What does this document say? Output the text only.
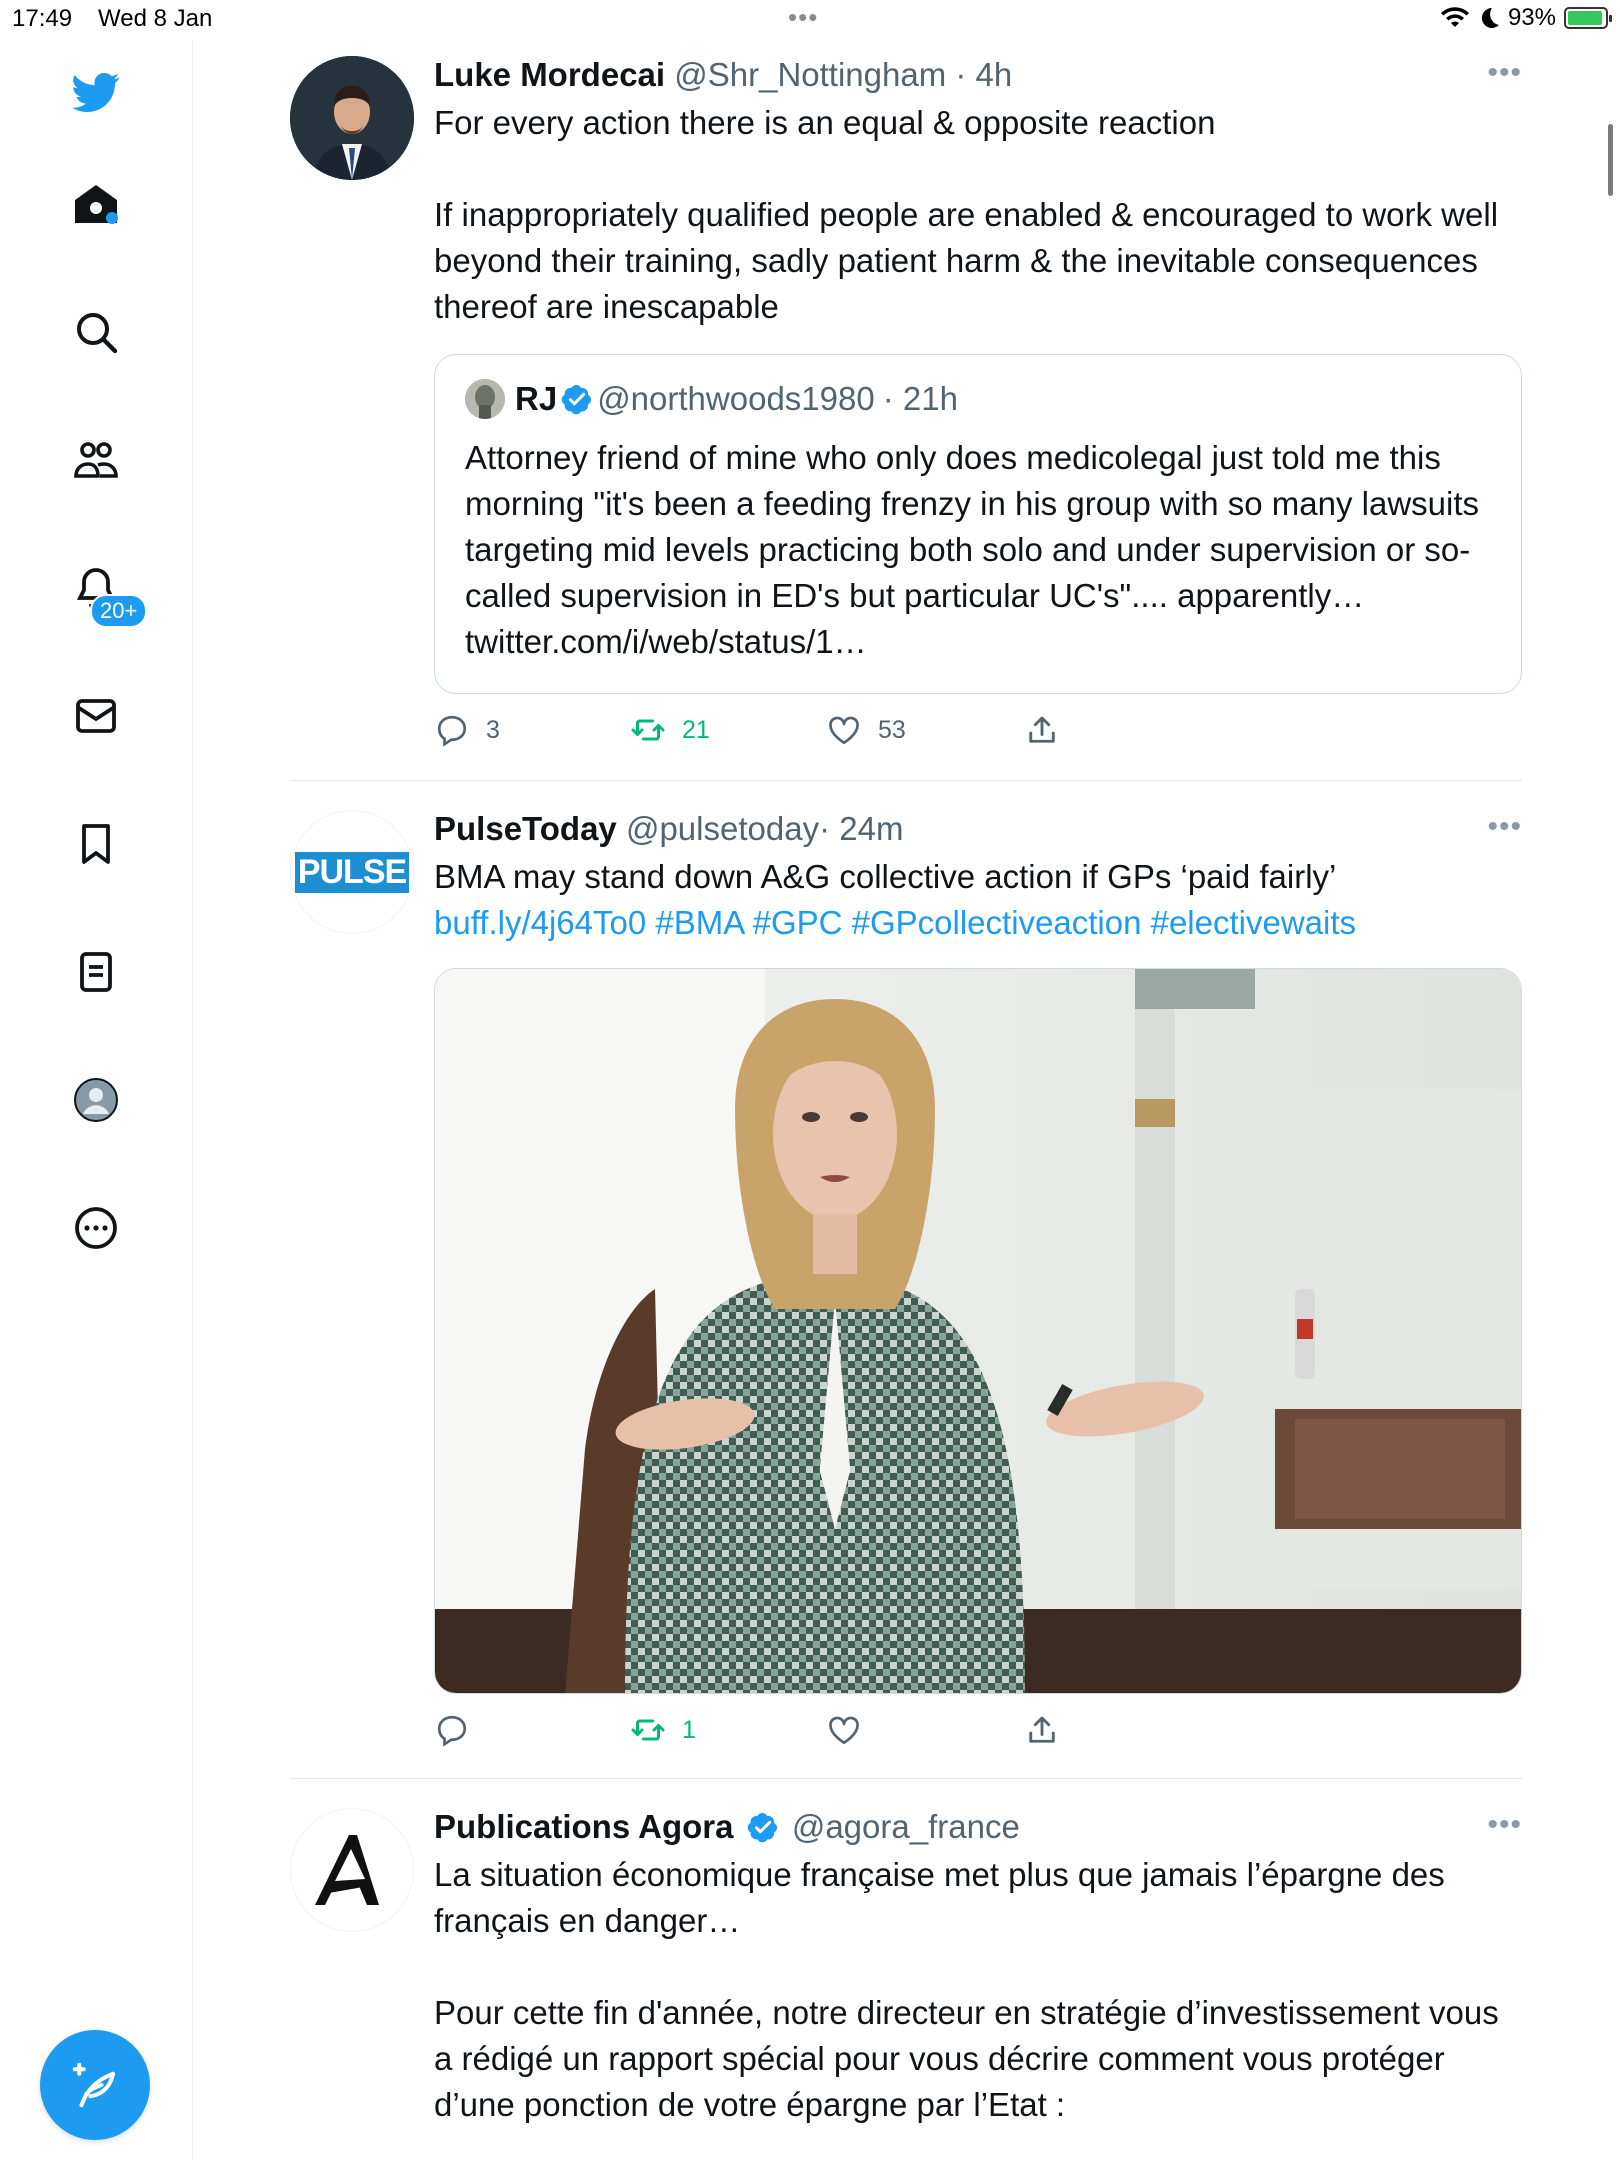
17:49 Wed 8 Jan	•••	93%
20+
Luke Mordecai @Shr_Nottingham · 4h	•••

For every action there is an equal & opposite reaction

If inappropriately qualified people are enabled & encouraged to work well beyond their training, sadly patient harm & the inevitable consequences thereof are inescapable

RJ @northwoods1980 · 21h
Attorney friend of mine who only does medicolegal just told me this morning "it's been a feeding frenzy in his group with so many lawsuits targeting mid levels practicing both solo and under supervision or so-called supervision in ED's but particular UC's".... apparently… twitter.com/i/web/status/1…
3	21	53
PULSE
PulseToday @pulsetoday· 24m	•••
BMA may stand down A&G collective action if GPs ‘paid fairly’ buff.ly/4j64To0 #BMA #GPC #GPcollectiveaction #electivewaits
1
Publications Agora @agora_france	•••

La situation économique française met plus que jamais l’épargne des français en danger…

Pour cette fin d'année, notre directeur en stratégie d’investissement vous a rédigé un rapport spécial pour vous décrire comment vous protéger d’une ponction de votre épargne par l’Etat :
